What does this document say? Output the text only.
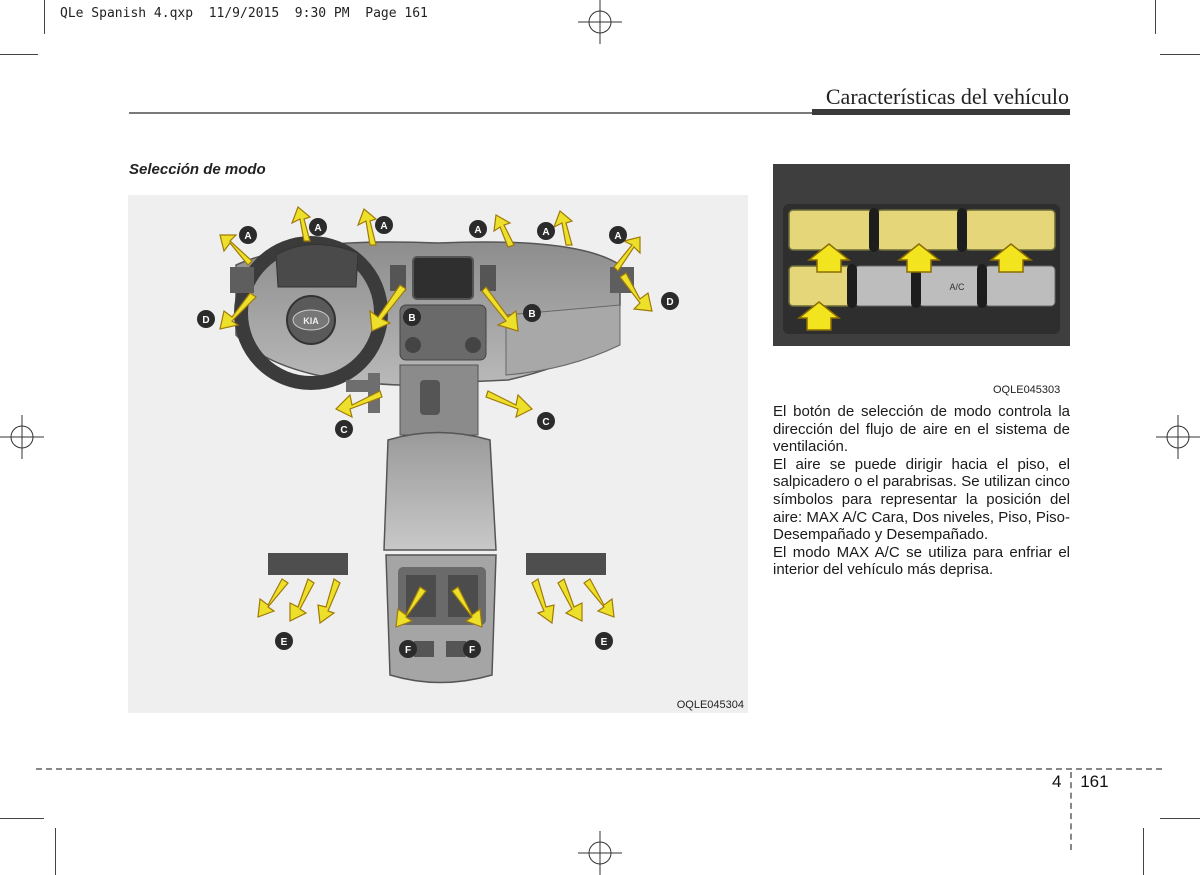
QLe Spanish 4.qxp  11/9/2015  9:30 PM  Page 161
Características del vehículo
Selección de modo
KIA
A
A	A	A	A	A
B	B
C
C
D
D
E	E
F	F
OQLE045304
A/C
OQLE045303

El botón de selección de modo controla la dirección del flujo de aire en el sistema de ventilación.

El aire se puede dirigir hacia el piso, el salpicadero o el parabrisas. Se utilizan cinco símbolos para representar la posición del aire: MAX A/C Cara, Dos niveles, Piso, Piso-Desempañado y Desempañado.

El modo MAX A/C se utiliza para enfriar el interior del vehículo más deprisa.

4 161
